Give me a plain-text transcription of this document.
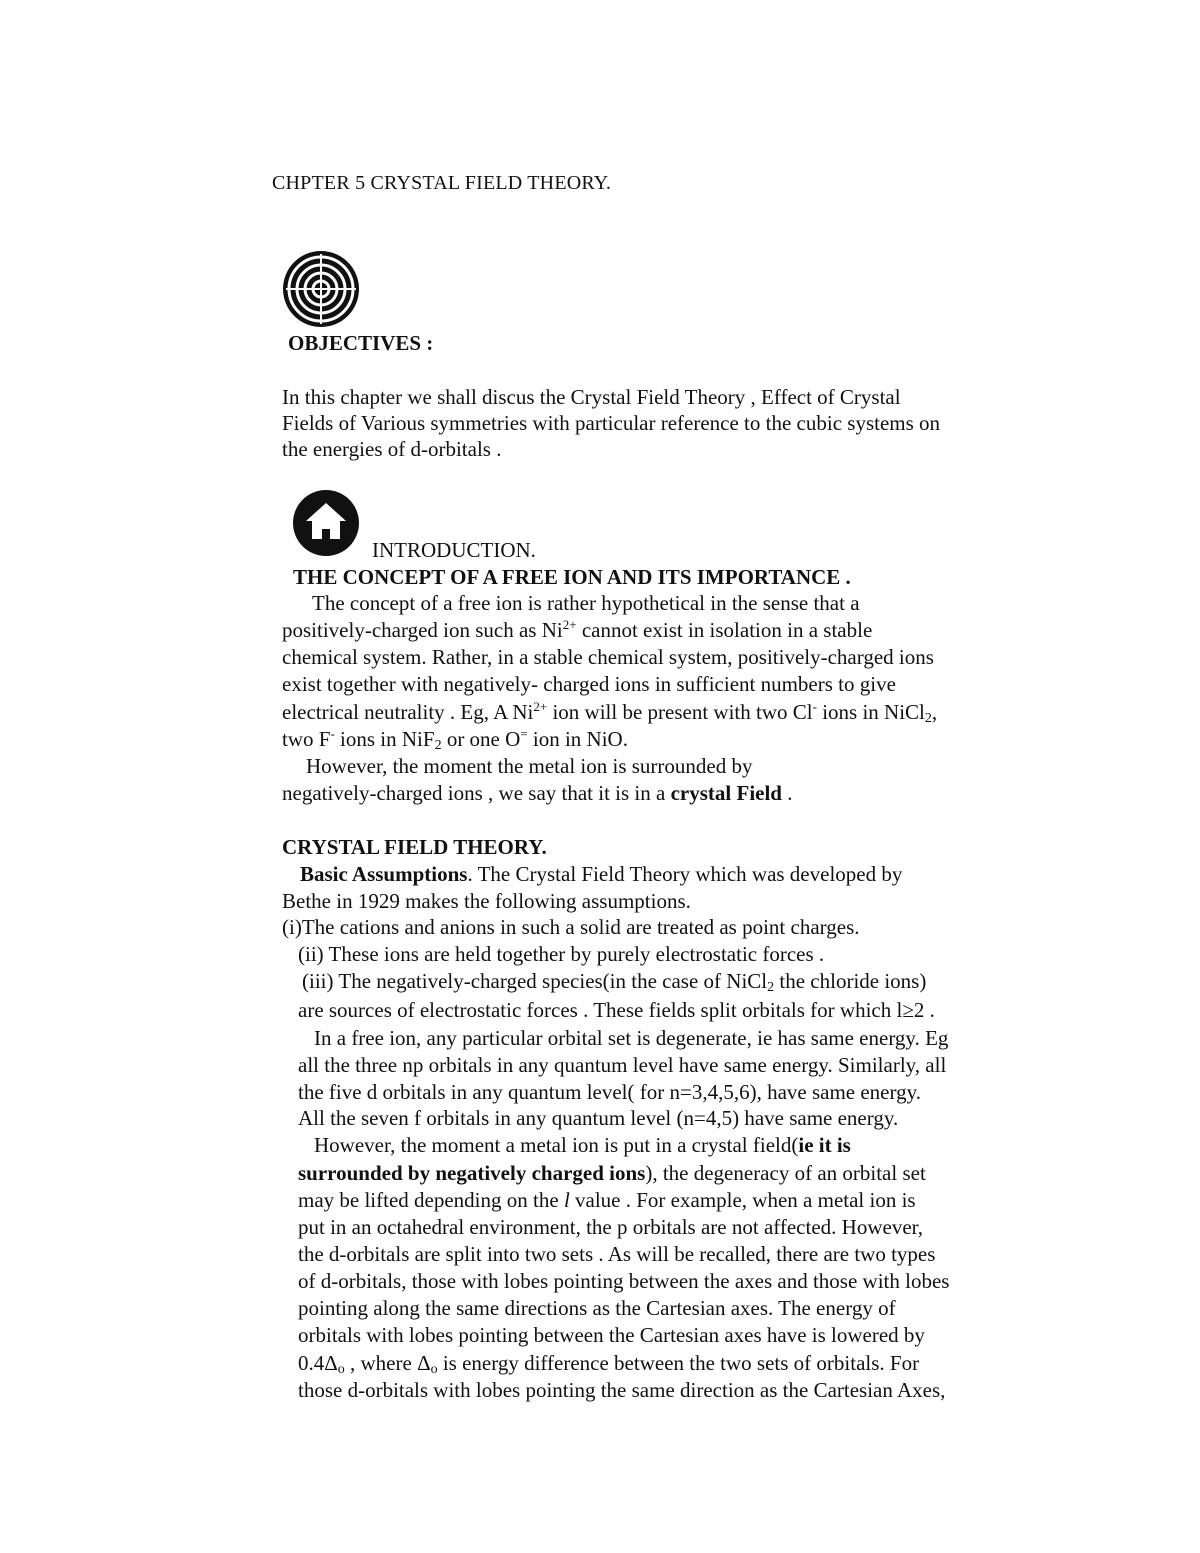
CHPTER 5 CRYSTAL FIELD THEORY.
OBJECTIVES :
In this chapter we shall discus the Crystal Field Theory , Effect of Crystal
Fields of Various symmetries with particular reference to the cubic systems on
the energies of d-orbitals .
INTRODUCTION.
THE CONCEPT OF A FREE ION AND ITS IMPORTANCE .
The concept of a free ion is rather hypothetical in the sense that a
positively-charged ion such as $Ni^{2+}$ cannot exist in isolation in a stable
chemical system. Rather, in a stable chemical system, positively-charged ions
exist together with negatively- charged ions in sufficient numbers to give
electrical neutrality . Eg, A $Ni^{2+}$ ion will be present with two Cl- ions in NiCl$_2$,
two F- ions in NiF$_2$ or one O= ion in NiO.
However, the moment the metal ion is surrounded by
negatively-charged ions , we say that it is in a crystal Field .
CRYSTAL FIELD THEORY.
Basic Assumptions. The Crystal Field Theory which was developed by
Bethe in 1929 makes the following assumptions.
(i)The cations and anions in such a solid are treated as point charges.
(ii) These ions are held together by purely electrostatic forces .
(iii) The negatively-charged species(in the case of NiCl$_2$ the chloride ions)
are sources of electrostatic forces . These fields split orbitals for which l≥2 .
In a free ion, any particular orbital set is degenerate, ie has same energy. Eg
all the three np orbitals in any quantum level have same energy. Similarly, all
the five d orbitals in any quantum level( for n=3,4,5,6), have same energy.
All the seven f orbitals in any quantum level (n=4,5) have same energy.
However, the moment a metal ion is put in a crystal field(ie it is
surrounded by negatively charged ions), the degeneracy of an orbital set
may be lifted depending on the l value . For example, when a metal ion is
put in an octahedral environment, the p orbitals are not affected. However,
the d-orbitals are split into two sets . As will be recalled, there are two types
of d-orbitals, those with lobes pointing between the axes and those with lobes
pointing along the same directions as the Cartesian axes. The energy of
orbitals with lobes pointing between the Cartesian axes have is lowered by
$0.4\Delta_o$ , where $\Delta_o$ is energy difference between the two sets of orbitals. For
those d-orbitals with lobes pointing the same direction as the Cartesian Axes,
